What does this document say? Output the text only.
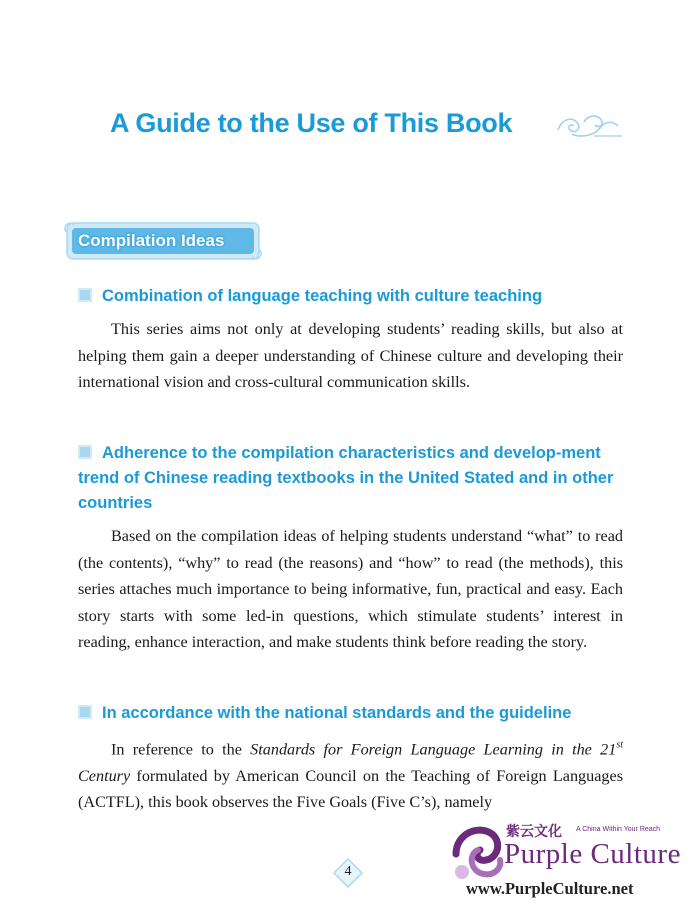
A Guide to the Use of This Book
Compilation Ideas
Combination of language teaching with culture teaching
This series aims not only at developing students’ reading skills, but also at helping them gain a deeper understanding of Chinese culture and developing their international vision and cross-cultural communication skills.
Adherence to the compilation characteristics and develop-ment trend of Chinese reading textbooks in the United Stated and in other countries
Based on the compilation ideas of helping students understand “what” to read (the contents), “why” to read (the reasons) and “how” to read (the methods), this series attaches much importance to being informative, fun, practical and easy. Each story starts with some led-in questions, which stimulate students’ interest in reading, enhance interaction, and make students think before reading the story.
In accordance with the national standards and the guideline
In reference to the Standards for Foreign Language Learning in the 21st Century formulated by American Council on the Teaching of Foreign Languages (ACTFL), this book observes the Five Goals (Five C’s), namely
4
紫云文化 A China Within Your Reach
Purple Culture
www.PurpleCulture.net
